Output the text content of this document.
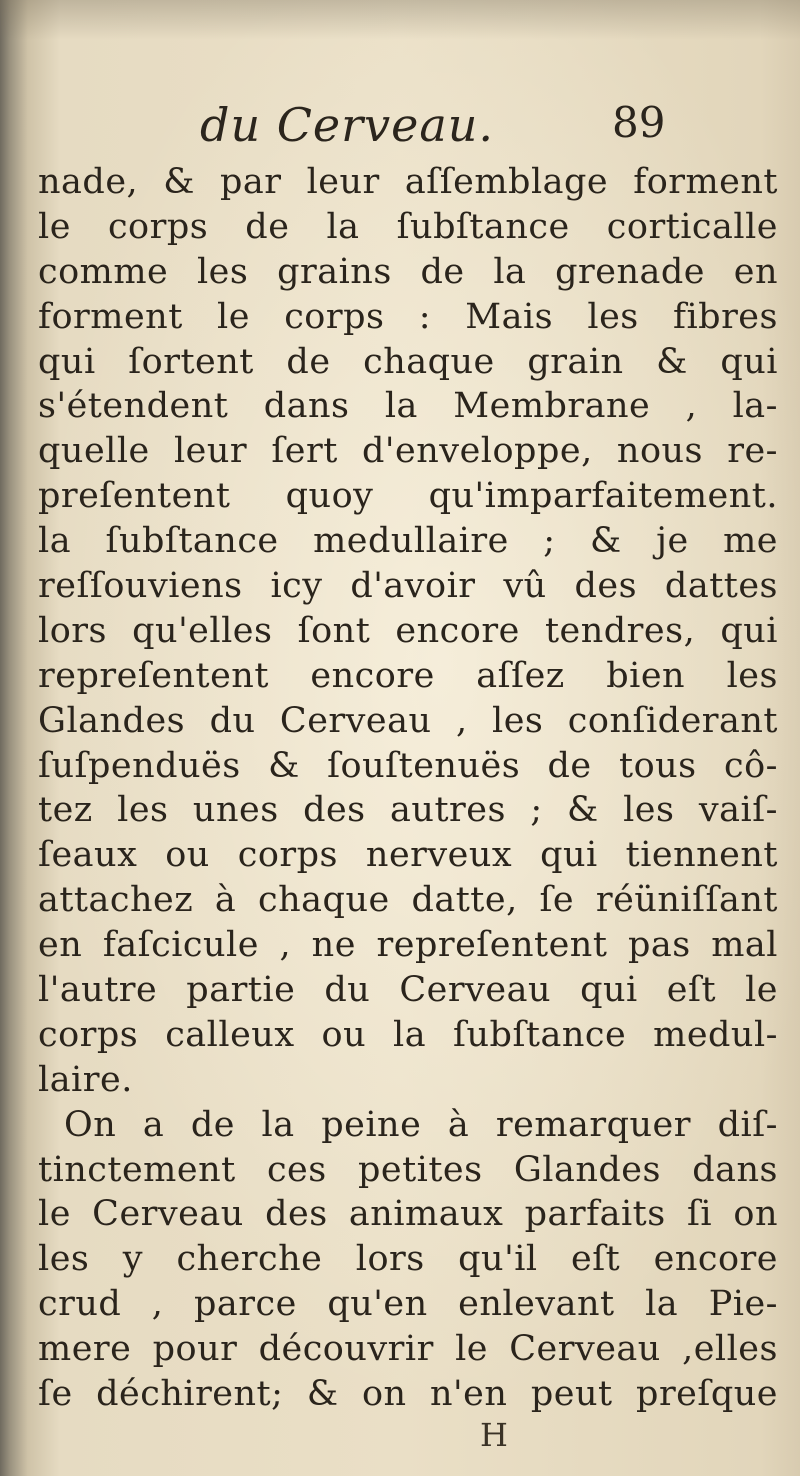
du Cerveau.	89
nade, & par leur aſſemblage forment
le corps de la ſubſtance corticalle
comme les grains de la grenade en
forment le corps : Mais les fibres
qui ſortent de chaque grain & qui
s'étendent dans la Membrane , la-
quelle leur ſert d'enveloppe, nous re-
preſentent quoy qu'imparfaitement.
la ſubſtance medullaire ; & je me
reſſouviens icy d'avoir vû des dattes
lors qu'elles ſont encore tendres, qui
repreſentent encore aſſez bien les
Glandes du Cerveau , les conſiderant
ſuſpenduës & ſouſtenuës de tous cô-
tez les unes des autres ; & les vaiſ-
ſeaux ou corps nerveux qui tiennent
attachez à chaque datte, ſe réüniſſant
en faſcicule , ne repreſentent pas mal
l'autre partie du Cerveau qui eſt le
corps calleux ou la ſubſtance medul-
laire.
On a de la peine à remarquer diſ-
tinctement ces petites Glandes dans
le Cerveau des animaux parfaits ſi on
les y cherche lors qu'il eſt encore
crud , parce qu'en enlevant la Pie-
mere pour découvrir le Cerveau ,elles
ſe déchirent; & on n'en peut preſque
H
